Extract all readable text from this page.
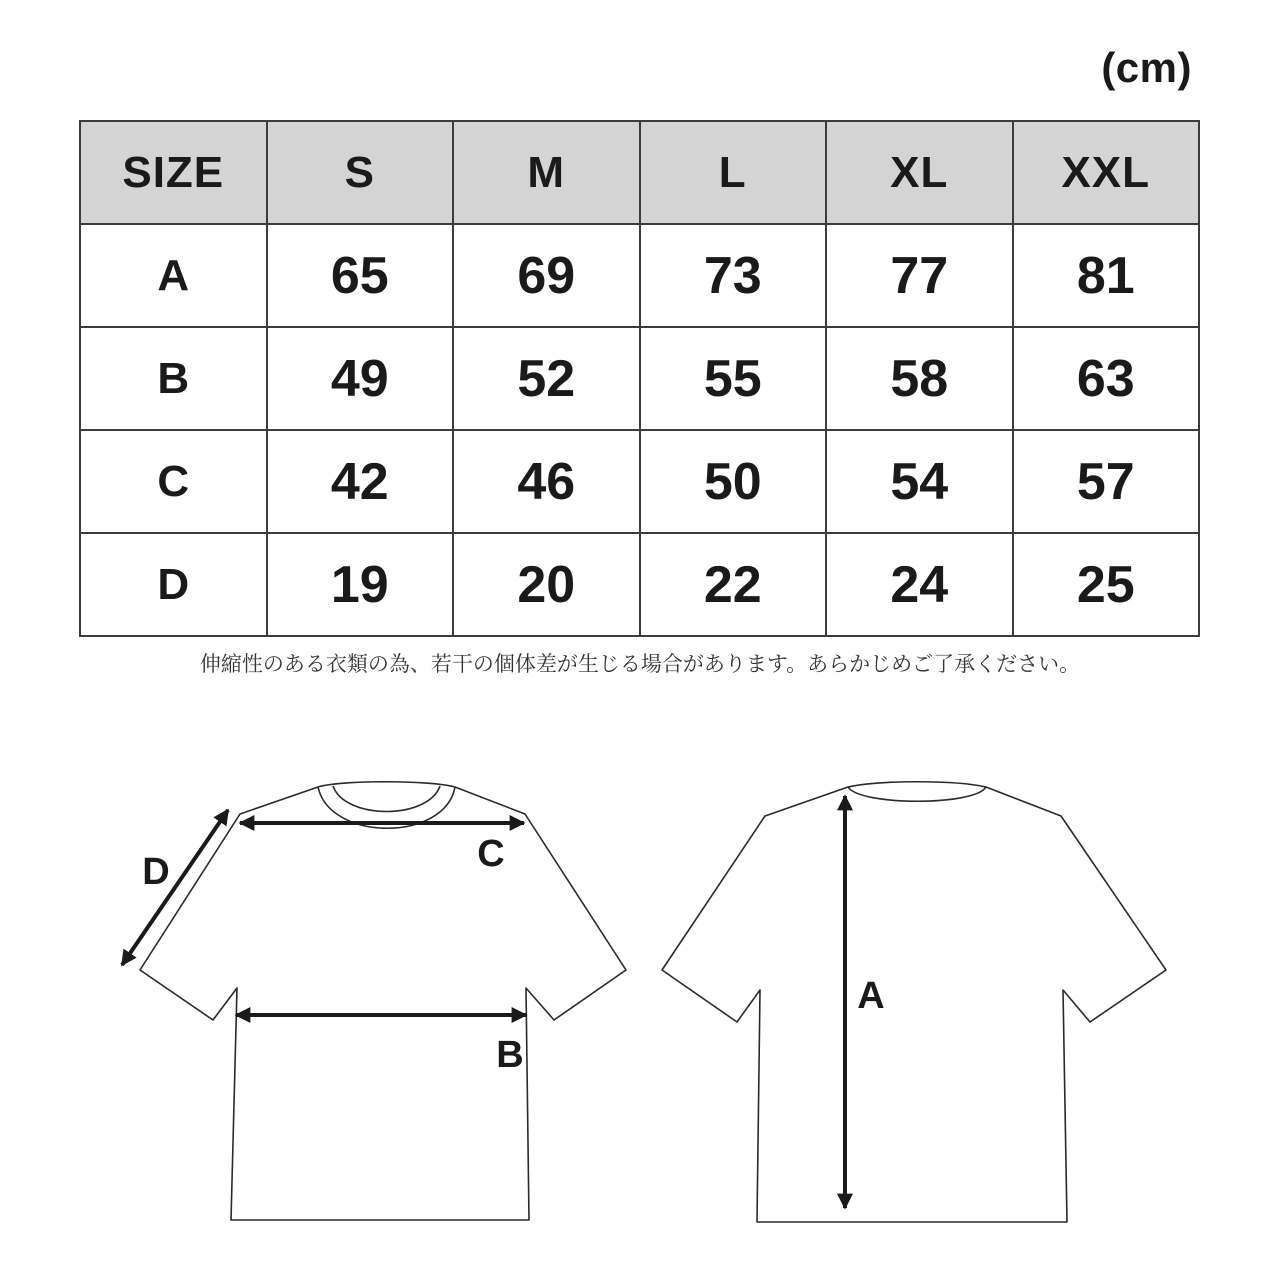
(cm)
SIZE	S	M	L	XL	XXL
A	65	69	73	77	81
B	49	52	55	58	63
C	42	46	50	54	57
D	19	20	22	24	25
伸縮性のある衣類の為、若干の個体差が生じる場合があります。あらかじめご了承ください。
D	C
B
A
